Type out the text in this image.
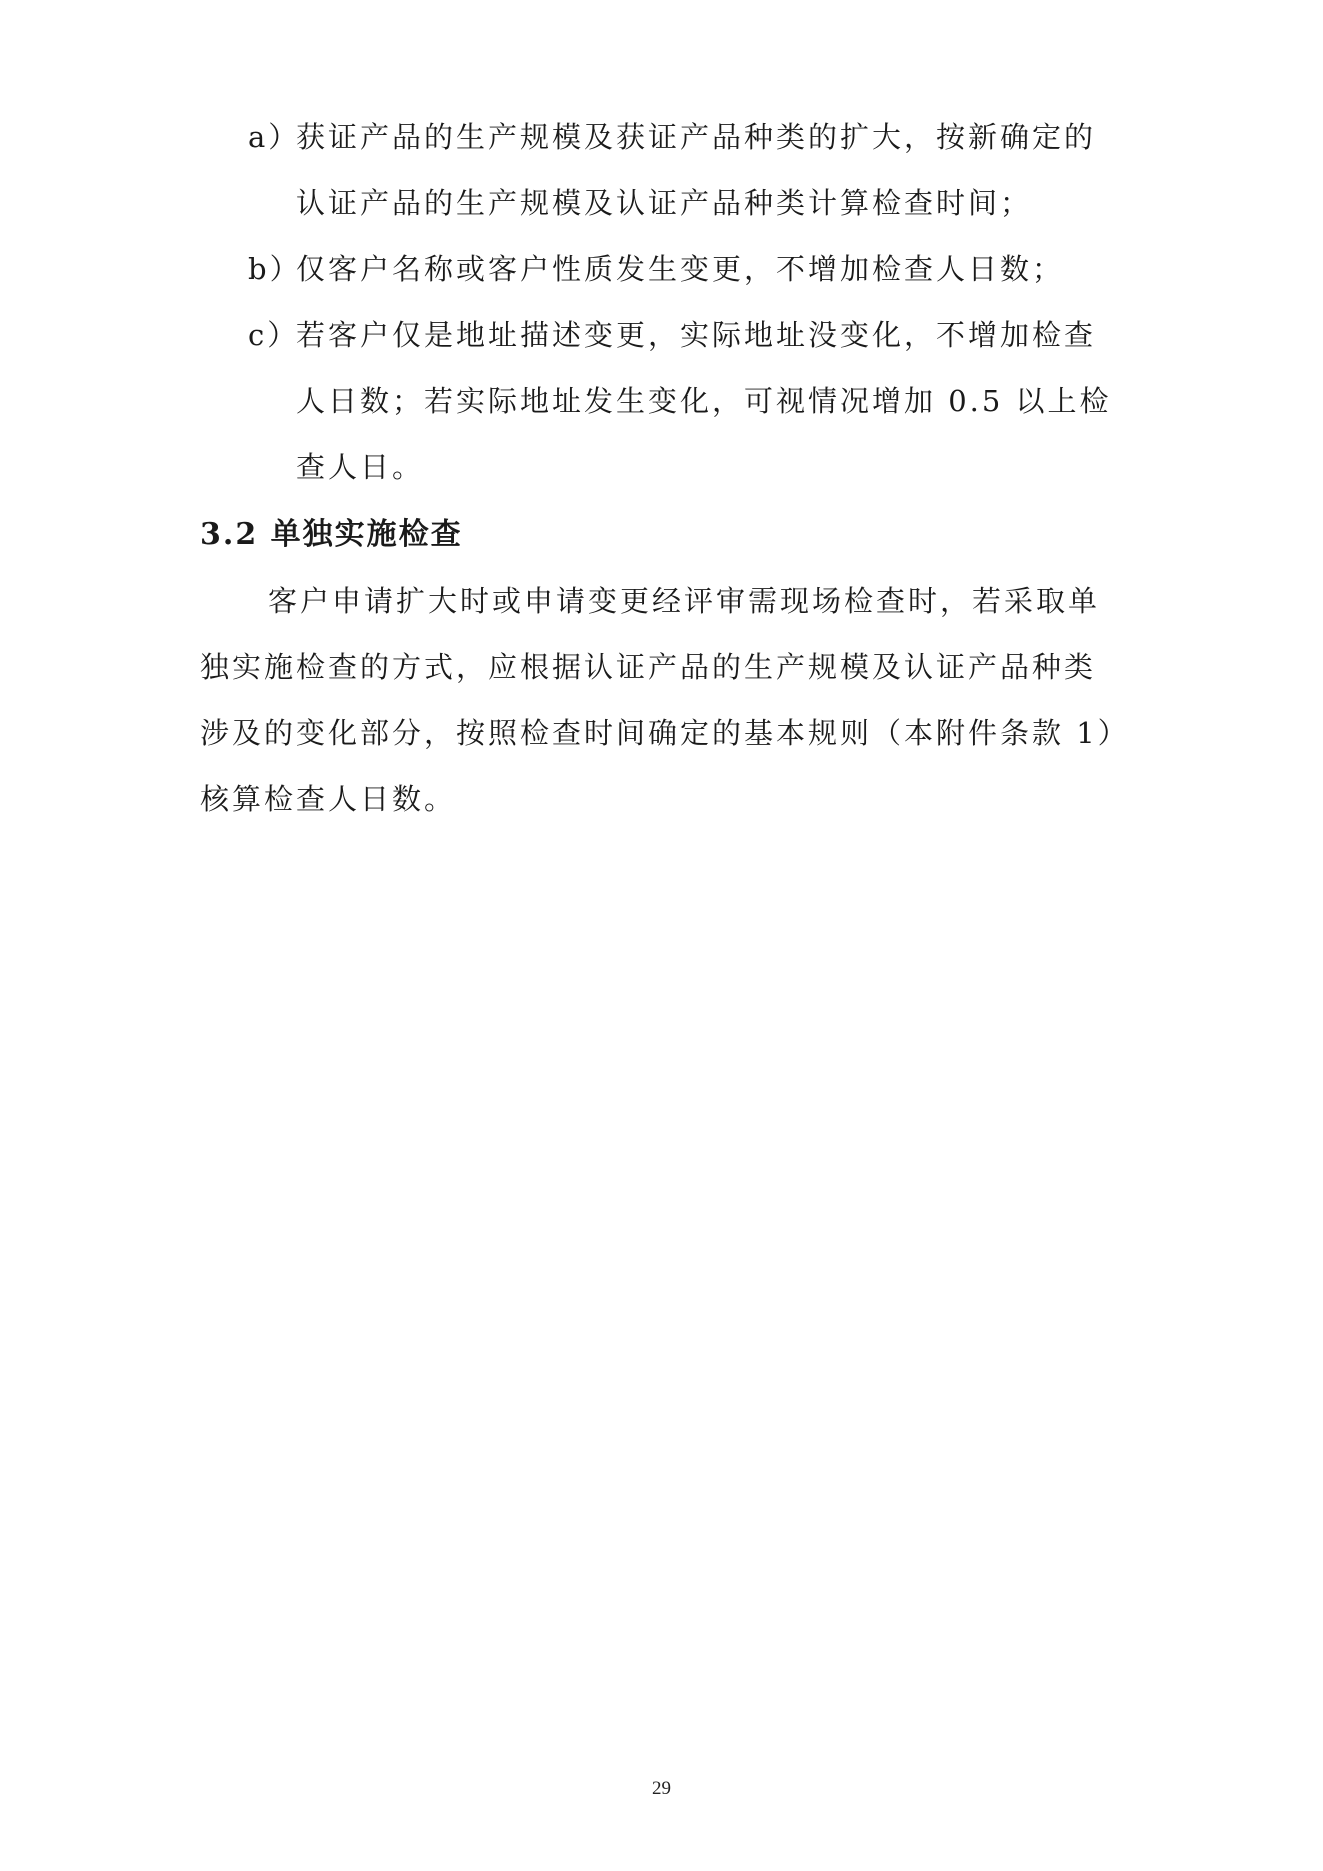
a）
获证产品的生产规模及获证产品种类的扩大，按新确定的
认证产品的生产规模及认证产品种类计算检查时间；
b）
仅客户名称或客户性质发生变更，不增加检查人日数；
c）
若客户仅是地址描述变更，实际地址没变化，不增加检查
人日数；若实际地址发生变化，可视情况增加 0.5 以上检
查人日。
3.2 单独实施检查
客户申请扩大时或申请变更经评审需现场检查时，若采取单
独实施检查的方式，应根据认证产品的生产规模及认证产品种类
涉及的变化部分，按照检查时间确定的基本规则（本附件条款 1）
核算检查人日数。
29
